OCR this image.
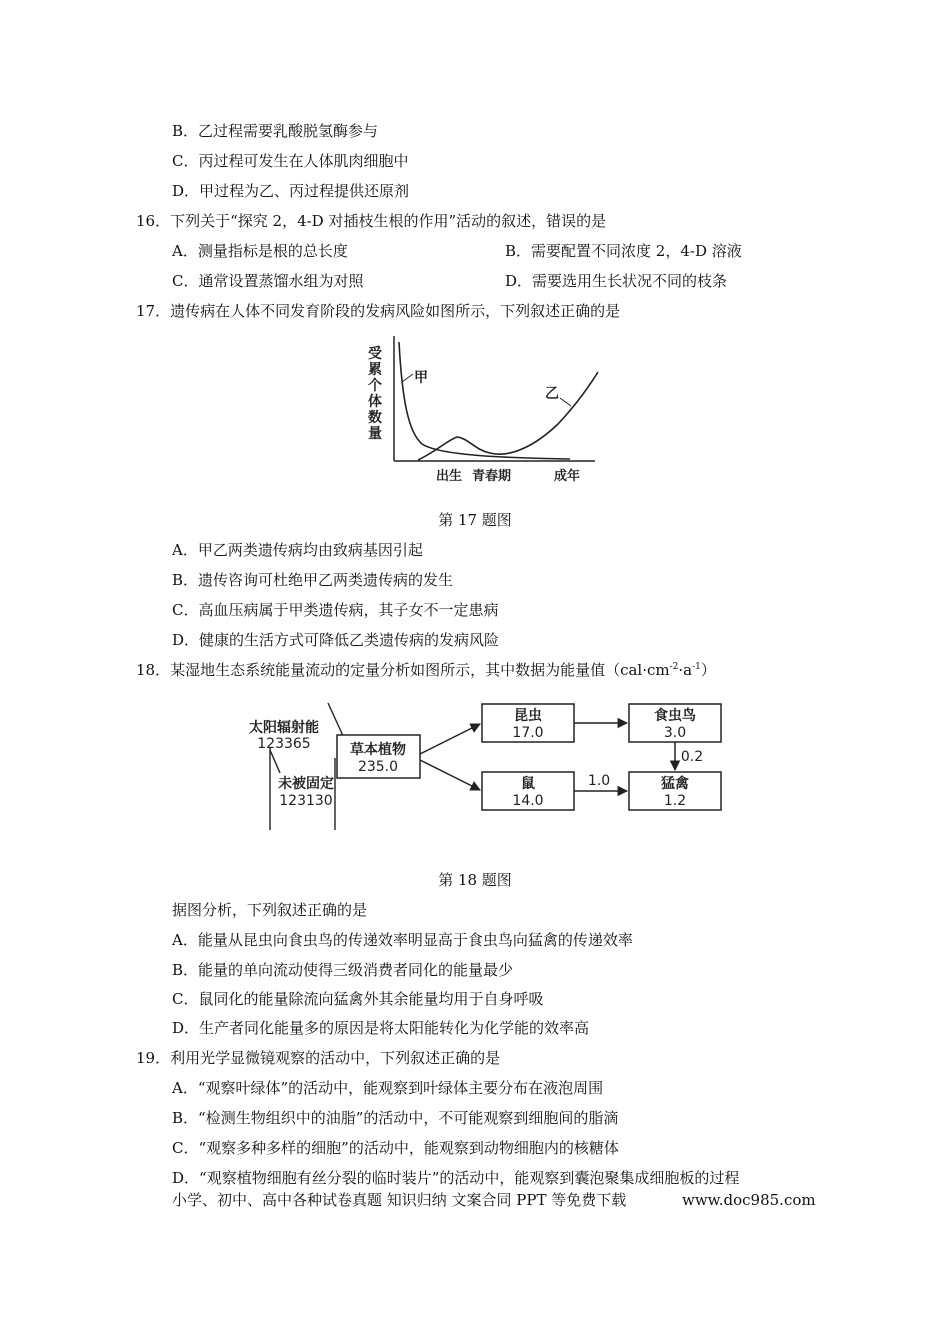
B．乙过程需要乳酸脱氢酶参与
C．丙过程可发生在人体肌肉细胞中
D．甲过程为乙、丙过程提供还原剂
16．下列关于“探究 2，4-D 对插枝生根的作用”活动的叙述，错误的是
A．测量指标是根的总长度	B．需要配置不同浓度 2，4-D 溶液
C．通常设置蒸馏水组为对照	D．需要选用生长状况不同的枝条
17．遗传病在人体不同发育阶段的发病风险如图所示，下列叙述正确的是
受
累
个
体
数
量
甲
乙
出生 青春期	成年
第 17 题图
A．甲乙两类遗传病均由致病基因引起
B．遗传咨询可杜绝甲乙两类遗传病的发生
C．高血压病属于甲类遗传病，其子女不一定患病
D．健康的生活方式可降低乙类遗传病的发病风险
18．某湿地生态系统能量流动的定量分析如图所示，其中数据为能量值$(cal\cdot cm^{-2}\cdot a^{-1})$
太阳辐射能
123365
未被固定
123130
草本植物
235.0
昆虫
17.0
食虫鸟
3.0
鼠
14.0
猛禽
1.2
1.0
0.2
第 18 题图
据图分析，下列叙述正确的是
A．能量从昆虫向食虫鸟的传递效率明显高于食虫鸟向猛禽的传递效率
B．能量的单向流动使得三级消费者同化的能量最少
C．鼠同化的能量除流向猛禽外其余能量均用于自身呼吸
D．生产者同化能量多的原因是将太阳能转化为化学能的效率高
19．利用光学显微镜观察的活动中，下列叙述正确的是
A．“观察叶绿体”的活动中，能观察到叶绿体主要分布在液泡周围
B．“检测生物组织中的油脂”的活动中，不可能观察到细胞间的脂滴
C．“观察多种多样的细胞”的活动中，能观察到动物细胞内的核糖体
D．“观察植物细胞有丝分裂的临时装片”的活动中，能观察到囊泡聚集成细胞板的过程
小学、初中、高中各种试卷真题 知识归纳 文案合同 PPT 等免费下载	www.doc985.com
